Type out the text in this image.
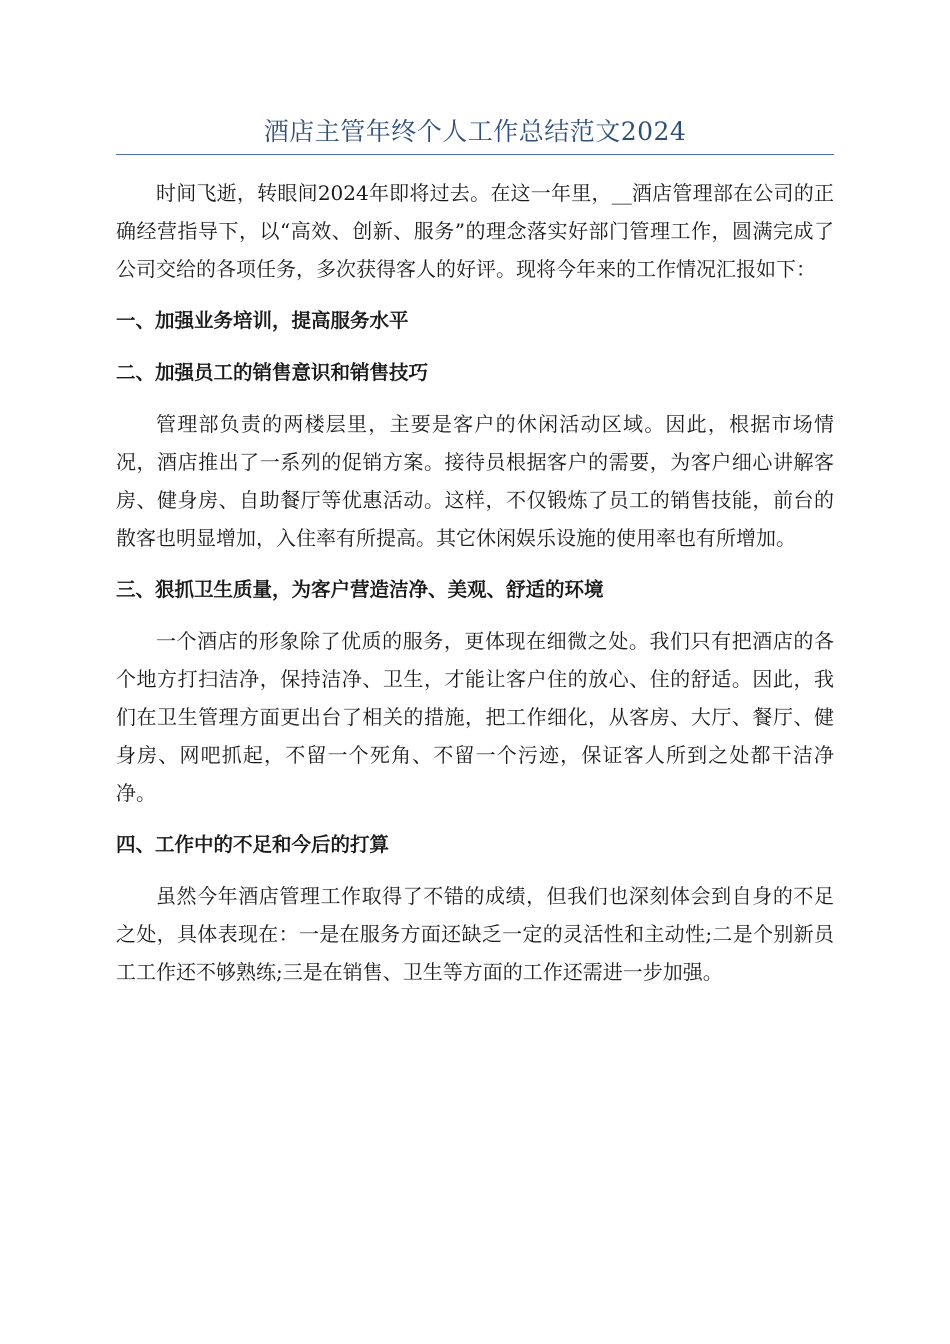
酒店主管年终个人工作总结范文2024

时间飞逝，转眼间2024年即将过去。在这一年里，__酒店管理部在公司的正确经营指导下，以“高效、创新、服务”的理念落实好部门管理工作，圆满完成了公司交给的各项任务，多次获得客人的好评。现将今年来的工作情况汇报如下：

一、加强业务培训，提高服务水平
二、加强员工的销售意识和销售技巧

管理部负责的两楼层里，主要是客户的休闲活动区域。因此，根据市场情况，酒店推出了一系列的促销方案。接待员根据客户的需要，为客户细心讲解客房、健身房、自助餐厅等优惠活动。这样，不仅锻炼了员工的销售技能，前台的散客也明显增加，入住率有所提高。其它休闲娱乐设施的使用率也有所增加。

三、狠抓卫生质量，为客户营造洁净、美观、舒适的环境

一个酒店的形象除了优质的服务，更体现在细微之处。我们只有把酒店的各个地方打扫洁净，保持洁净、卫生，才能让客户住的放心、住的舒适。因此，我们在卫生管理方面更出台了相关的措施，把工作细化，从客房、大厅、餐厅、健身房、网吧抓起，不留一个死角、不留一个污迹，保证客人所到之处都干洁净净。

四、工作中的不足和今后的打算

虽然今年酒店管理工作取得了不错的成绩，但我们也深刻体会到自身的不足之处，具体表现在：一是在服务方面还缺乏一定的灵活性和主动性;二是个别新员工工作还不够熟练;三是在销售、卫生等方面的工作还需进一步加强。
